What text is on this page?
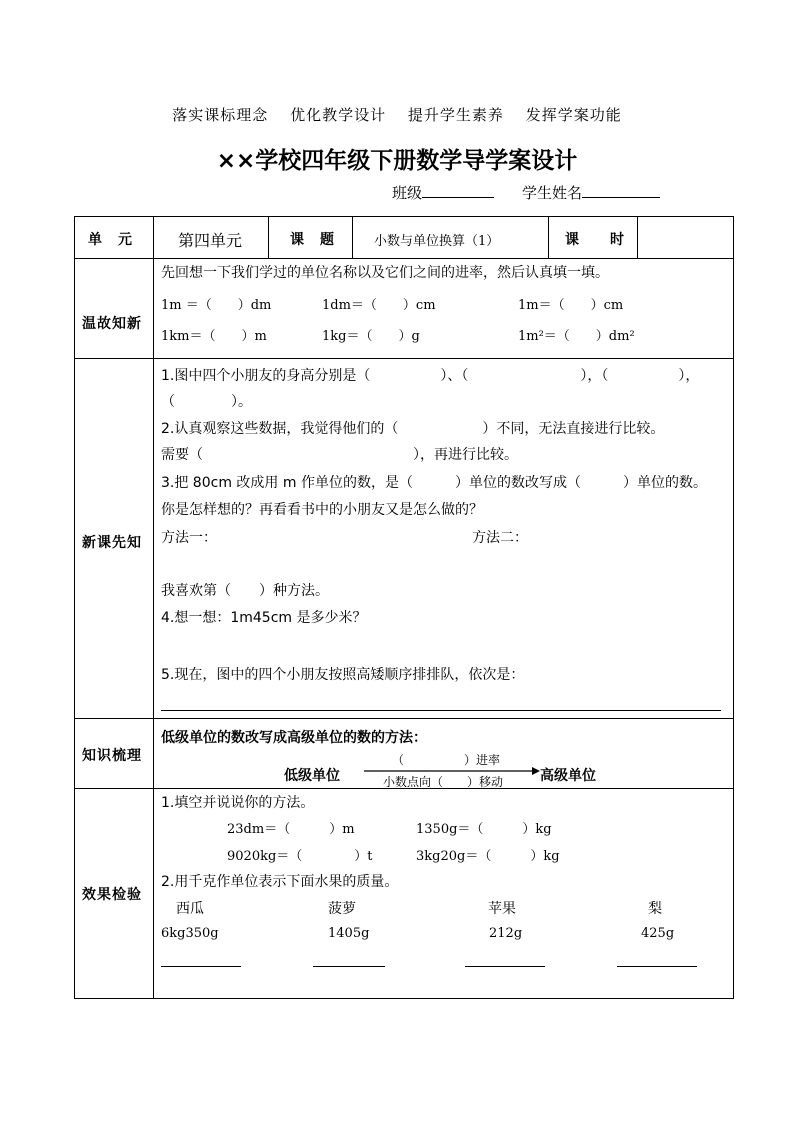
落实课标理念 优化教学设计 提升学生素养 发挥学案功能
××学校四年级下册数学导学案设计
班级	学生姓名
单　元	第四单元	课　题	小数与单位换算（1）	课　　时
温故知新
先回想一下我们学过的单位名称以及它们之间的进率，然后认真填一填。
1m ＝（　　）dm	1dm＝（　　）cm	1m＝（　　）cm
1km＝（　　）m	1kg＝（　　）g	1m²＝（　　）dm²
新课先知
1.图中四个小朋友的身高分别是（　　　　　）、（　　　　　　　　），（　　　　　），
（　　　　）。
2.认真观察这些数据，我觉得他们的（　　　　　　）不同，无法直接进行比较。
需要（　　　　　　　　　　　　　　　），再进行比较。
3.把 80cm 改成用 m 作单位的数，是（　　　）单位的数改写成（　　　）单位的数。
你是怎样想的？再看看书中的小朋友又是怎么做的？
方法一：	方法二：
我喜欢第（　　）种方法。
4.想一想：1m45cm 是多少米？
5.现在，图中的四个小朋友按照高矮顺序排排队，依次是：
知识梳理
低级单位的数改写成高级单位的数的方法：
（　　　　　）进率
低级单位	高级单位
小数点向（　　）移动
效果检验
1.填空并说说你的方法。
23dm＝（　　　）m	1350g＝（　　　）kg
9020kg＝（　　　　）t	3kg20g＝（　　　）kg
2.用千克作单位表示下面水果的质量。
西瓜	菠萝	苹果	梨
6kg350g	1405g	212g	425g
